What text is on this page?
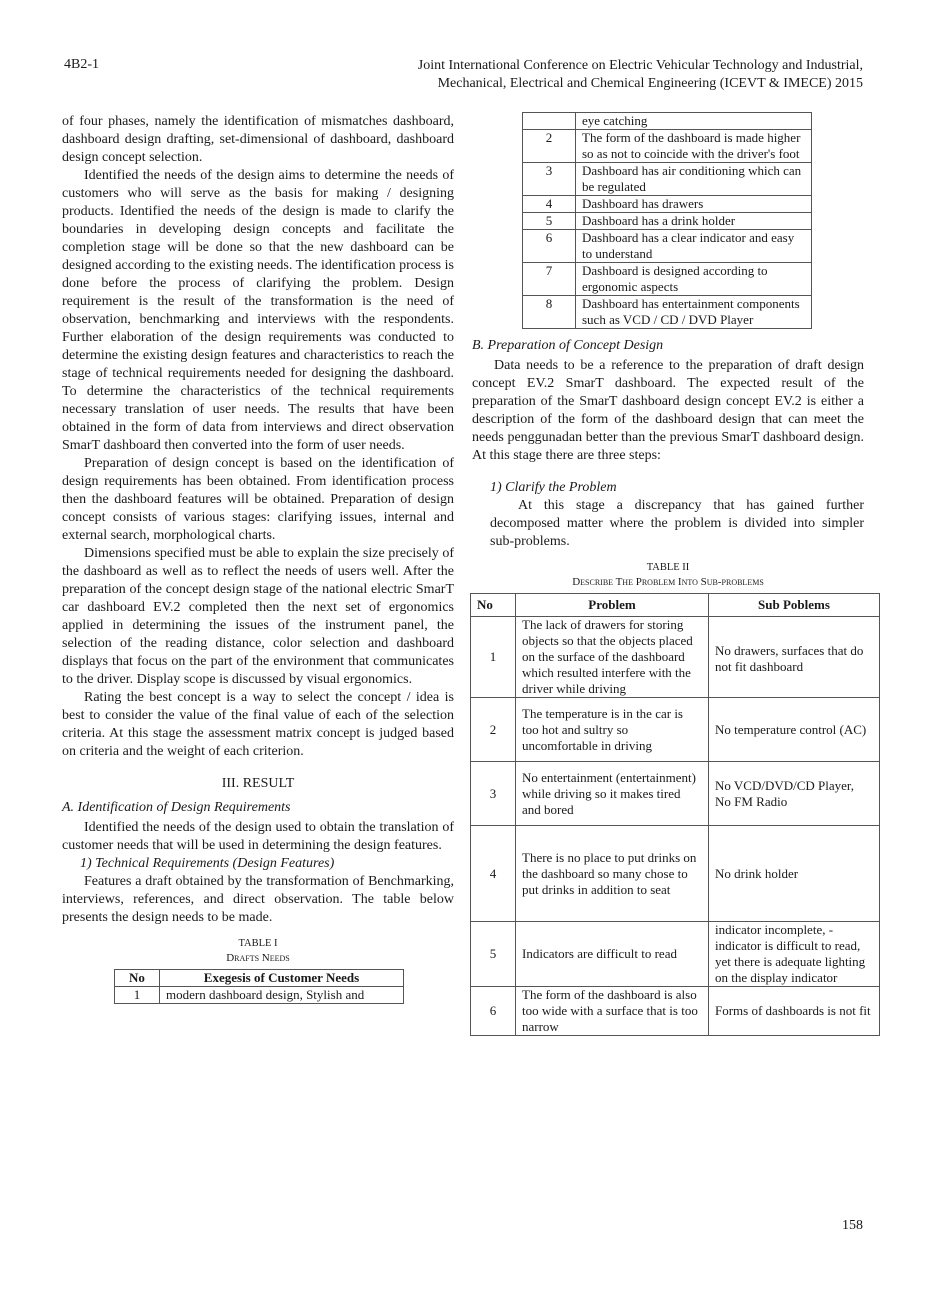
4B2-1	Joint International Conference on Electric Vehicular Technology and Industrial,
Mechanical, Electrical and Chemical Engineering (ICEVT & IMECE) 2015

of four phases, namely the identification of mismatches dashboard, dashboard design drafting, set-dimensional of dashboard, dashboard design concept selection.

Identified the needs of the design aims to determine the needs of customers who will serve as the basis for making / designing products. Identified the needs of the design is made to clarify the boundaries in developing design concepts and facilitate the completion stage will be done so that the new dashboard can be designed according to the existing needs. The identification process is done before the process of clarifying the problem. Design requirement is the result of the transformation is the need of observation, benchmarking and interviews with the respondents. Further elaboration of the design requirements was conducted to determine the existing design features and characteristics to reach the stage of technical requirements needed for designing the dashboard. To determine the characteristics of the technical requirements necessary translation of user needs. The results that have been obtained in the form of data from interviews and direct observation SmarT dashboard then converted into the form of user needs.

Preparation of design concept is based on the identification of design requirements has been obtained. From identification process then the dashboard features will be obtained. Preparation of design concept consists of various stages: clarifying issues, internal and external search, morphological charts.

Dimensions specified must be able to explain the size precisely of the dashboard as well as to reflect the needs of users well. After the preparation of the concept design stage of the national electric SmarT car dashboard EV.2 completed then the next set of ergonomics applied in determining the issues of the instrument panel, the selection of the reading distance, color selection and dashboard displays that focus on the part of the environment that communicates to the driver. Display scope is discussed by visual ergonomics.

Rating the best concept is a way to select the concept / idea is best to consider the value of the final value of each of the selection criteria. At this stage the assessment matrix concept is judged based on criteria and the weight of each criterion.

III. RESULT

A. Identification of Design Requirements

Identified the needs of the design used to obtain the translation of customer needs that will be used in determining the design features.

1) Technical Requirements (Design Features)

Features a draft obtained by the transformation of Benchmarking, interviews, references, and direct observation. The table below presents the design needs to be made.

TABLE I
Drafts Needs
No	Exegesis of Customer Needs
1	modern dashboard design, Stylish and
	eye catching
2	The form of the dashboard is made higher so as not to coincide with the driver's foot
3	Dashboard has air conditioning which can be regulated
4	Dashboard has drawers
5	Dashboard has a drink holder
6	Dashboard has a clear indicator and easy to understand
7	Dashboard is designed according to ergonomic aspects
8	Dashboard has entertainment components such as VCD / CD / DVD Player

B. Preparation of Concept Design

Data needs to be a reference to the preparation of draft design concept EV.2 SmarT dashboard. The expected result of the preparation of the SmarT dashboard design concept EV.2 is either a description of the form of the dashboard design that can meet the needs penggunadan better than the previous SmarT dashboard design. At this stage there are three steps:

1) Clarify the Problem

At this stage a discrepancy that has gained further decomposed matter where the problem is divided into simpler sub-problems.

TABLE II
Describe The Problem Into Sub-problems
No	Problem	Sub Poblems
1	The lack of drawers for storing objects so that the objects placed on the surface of the dashboard which resulted interfere with the driver while driving	No drawers, surfaces that do not fit dashboard
2	The temperature is in the car is too hot and sultry so uncomfortable in driving	No temperature control (AC)
3	No entertainment (entertainment) while driving so it makes tired and bored	No VCD/DVD/CD Player, No FM Radio
4	There is no place to put drinks on the dashboard so many chose to put drinks in addition to seat	No drink holder
5	Indicators are difficult to read	indicator incomplete, -indicator is difficult to read, yet there is adequate lighting on the display indicator
6	The form of the dashboard is also too wide with a surface that is too narrow	Forms of dashboards is not fit
158
